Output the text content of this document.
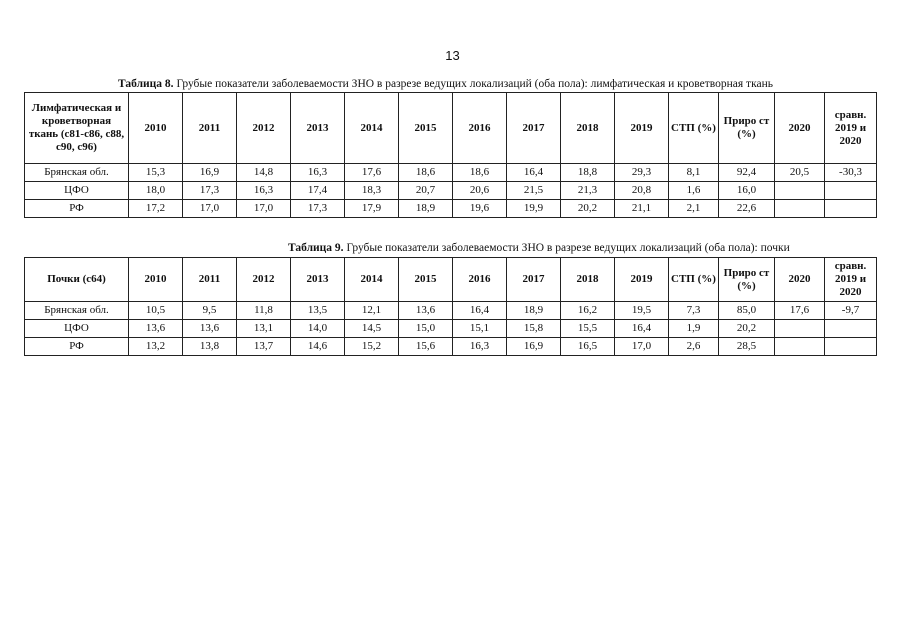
13
Таблица 8. Грубые показатели заболеваемости ЗНО в разрезе ведущих локализаций (оба пола): лимфатическая и кроветворная ткань
Лимфатическая и кроветворная ткань (с81-с86, с88, с90, с96)	2010	2011	2012	2013	2014	2015	2016	2017	2018	2019	СТП (%)	Приро ст (%)	2020	сравн. 2019 и 2020
Брянская обл.	15,3	16,9	14,8	16,3	17,6	18,6	18,6	16,4	18,8	29,3	8,1	92,4	20,5	-30,3
ЦФО	18,0	17,3	16,3	17,4	18,3	20,7	20,6	21,5	21,3	20,8	1,6	16,0		
РФ	17,2	17,0	17,0	17,3	17,9	18,9	19,6	19,9	20,2	21,1	2,1	22,6		
Таблица 9. Грубые показатели заболеваемости ЗНО в разрезе ведущих локализаций (оба пола): почки
Почки (с64)	2010	2011	2012	2013	2014	2015	2016	2017	2018	2019	СТП (%)	Приро ст (%)	2020	сравн. 2019 и 2020
Брянская обл.	10,5	9,5	11,8	13,5	12,1	13,6	16,4	18,9	16,2	19,5	7,3	85,0	17,6	-9,7
ЦФО	13,6	13,6	13,1	14,0	14,5	15,0	15,1	15,8	15,5	16,4	1,9	20,2		
РФ	13,2	13,8	13,7	14,6	15,2	15,6	16,3	16,9	16,5	17,0	2,6	28,5		
